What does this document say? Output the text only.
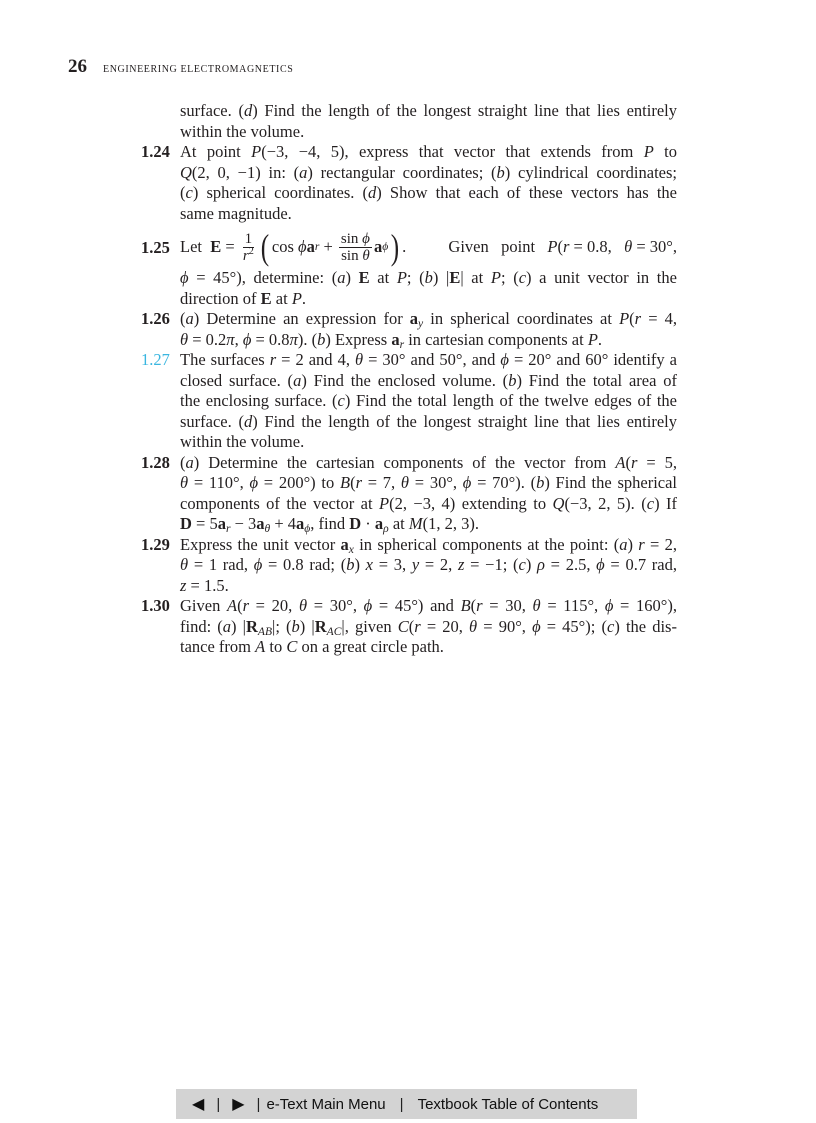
26 ENGINEERING ELECTROMAGNETICS
surface. (d) Find the length of the longest straight line that lies entirely
within the volume.
1.24 At point P(−3, −4, 5), express that vector that extends from P to
Q(2, 0, −1) in: (a) rectangular coordinates; (b) cylindrical coordinates;
(c) spherical coordinates. (d) Show that each of these vectors has the
same magnitude.
1.25 Let $E = \frac{1}{r^2}$ ( cos ϕ a $r + \frac{\text{sin ϕ}}{\text{sin θ}}$ a ϕ ) .	Given   point   P(r = 0.8,   θ = 30°,
ϕ = 45°), determine: (a) E at P; (b) |E| at P; (c) a unit vector in the
direction of E at P.
1.26 (a) Determine an expression for $a_y$ in spherical coordinates at P(r = 4,
θ = 0.2π, ϕ = 0.8π). (b) Express $a_r$ in cartesian components at P.
1.27 The surfaces r = 2 and 4, θ = 30° and 50°, and ϕ = 20° and 60° identify a
closed surface. (a) Find the enclosed volume. (b) Find the total area of
the enclosing surface. (c) Find the total length of the twelve edges of the
surface. (d) Find the length of the longest straight line that lies entirely
within the volume.
1.28 (a) Determine the cartesian components of the vector from A(r = 5,
θ = 110°, ϕ = 200°) to B(r = 7, θ = 30°, ϕ = 70°). (b) Find the spherical
components of the vector at P(2, −3, 4) extending to Q(−3, 2, 5). (c) If
$D = 5a_r - 3a_\theta + 4a_\phi$, find $D \cdot a_\rho$ at M(1, 2, 3).
1.29 Express the unit vector $a_x$ in spherical components at the point: (a) r = 2,
θ = 1 rad, ϕ = 0.8 rad; (b) x = 3, y = 2, z = −1; (c) ρ = 2.5, ϕ = 0.7 rad,
z = 1.5.
1.30 Given A(r = 20, θ = 30°, ϕ = 45°) and B(r = 30, θ = 115°, ϕ = 160°),
find: (a) $|R_{AB}|$; (b) $|R_{AC}|$, given C(r = 20, θ = 90°, ϕ = 45°); (c) the dis-
tance from A to C on a great circle path.
◀ | ▶ | e-Text Main Menu | Textbook Table of Contents
